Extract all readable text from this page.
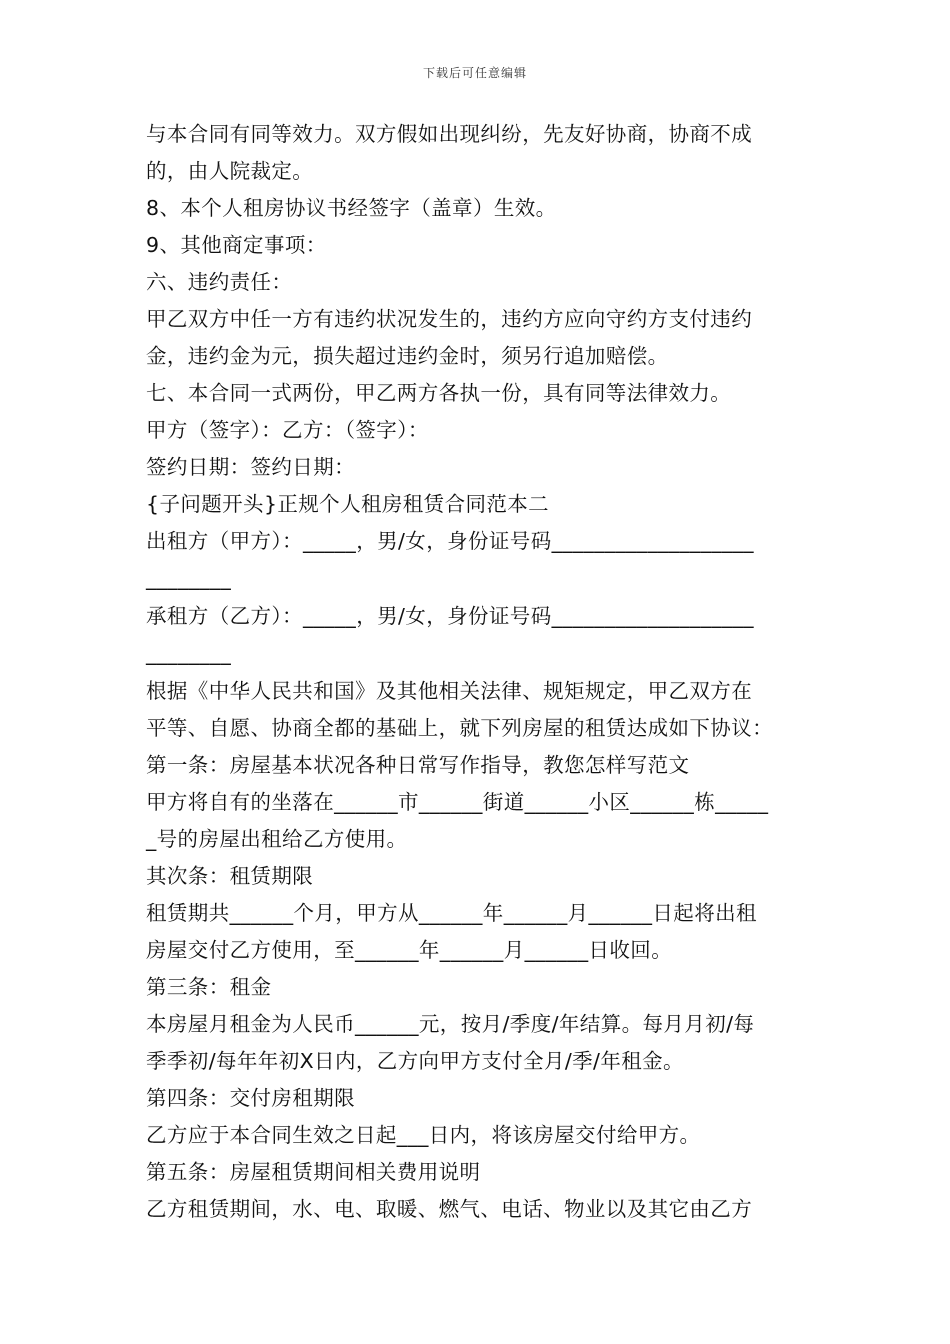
下载后可任意编辑
与本合同有同等效力。双方假如出现纠纷，先友好协商，协商不成
的，由人院裁定。
8、本个人租房协议书经签字（盖章）生效。
9、其他商定事项：
六、违约责任：
甲乙双方中任一方有违约状况发生的，违约方应向守约方支付违约
金，违约金为元，损失超过违约金时，须另行追加赔偿。
七、本合同一式两份，甲乙两方各执一份，具有同等法律效力。
甲方（签字）：乙方：（签字）：
签约日期：签约日期：
{子问题开头}正规个人租房租赁合同范本二
出租方（甲方）：_____，男/女，身份证号码___________________
________
承租方（乙方）：_____，男/女，身份证号码___________________
________
根据《中华人民共和国》及其他相关法律、规矩规定，甲乙双方在
平等、自愿、协商全都的基础上，就下列房屋的租赁达成如下协议：
第一条：房屋基本状况各种日常写作指导，教您怎样写范文
甲方将自有的坐落在______市______街道______小区______栋_____
_号的房屋出租给乙方使用。
其次条：租赁期限
租赁期共______个月，甲方从______年______月______日起将出租
房屋交付乙方使用，至______年______月______日收回。
第三条：租金
本房屋月租金为人民币______元，按月/季度/年结算。每月月初/每
季季初/每年年初X日内，乙方向甲方支付全月/季/年租金。
第四条：交付房租期限
乙方应于本合同生效之日起___日内，将该房屋交付给甲方。
第五条：房屋租赁期间相关费用说明
乙方租赁期间，水、电、取暖、燃气、电话、物业以及其它由乙方
